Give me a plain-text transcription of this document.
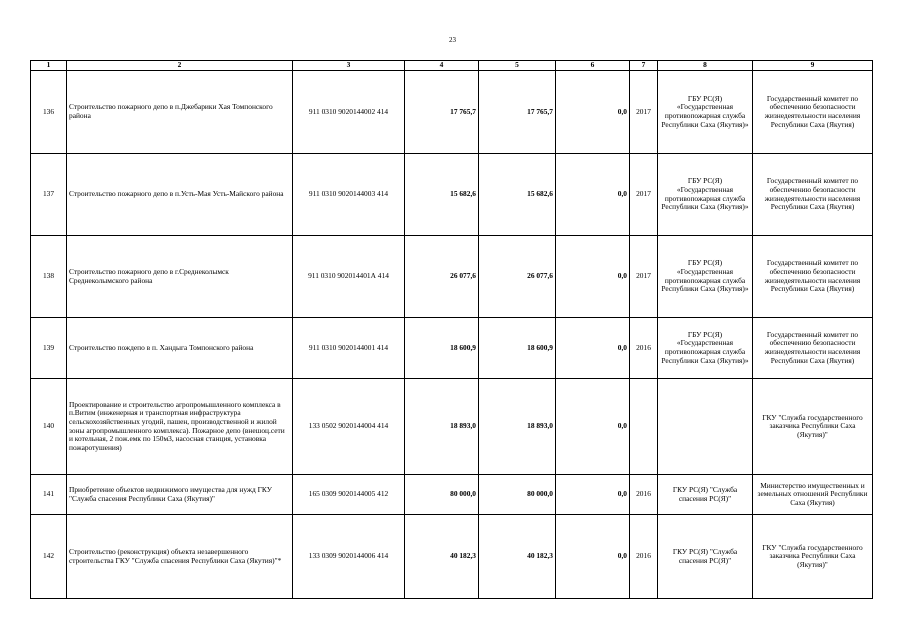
23
1	2	3	4	5	6	7	8	9
136	Строительство пожарного депо в п.Джебарики Хая Томпонского района	911 0310 9020144002 414	17 765,7	17 765,7	0,0	2017	ГБУ РС(Я) «Государственная противопожарная служба Республики Саха (Якутия)»	Государственный комитет по обеспечению безопасности жизнедеятельности населения Республики Саха (Якутия)
137	Строительство пожарного депо в п.Усть-Мая Усть-Майского района	911 0310 9020144003 414	15 682,6	15 682,6	0,0	2017	ГБУ РС(Я) «Государственная противопожарная служба Республики Саха (Якутия)»	Государственный комитет по обеспечению безопасности жизнедеятельности населения Республики Саха (Якутия)
138	Строительство пожарного депо в г.Среднеколымск Среднеколымского района	911 0310 902014401А 414	26 077,6	26 077,6	0,0	2017	ГБУ РС(Я) «Государственная противопожарная служба Республики Саха (Якутия)»	Государственный комитет по обеспечению безопасности жизнедеятельности населения Республики Саха (Якутия)
139	Строительство пождепо в п. Хандыга Томпонского района	911 0310 9020144001 414	18 600,9	18 600,9	0,0	2016	ГБУ РС(Я) «Государственная противопожарная служба Республики Саха (Якутия)»	Государственный комитет по обеспечению безопасности жизнедеятельности населения Республики Саха (Якутия)
140	Проектирование и строительство агропромышленного комплекса в п.Витим (инженерная и транспортная инфраструктура сельскохозяйственных угодий, пашен, производственной и жилой зоны агропромышленного комплекса). Пожарное депо (внешоц.сети и котельная, 2 пож.емк по 150м3, насосная станция, установка пожаротушения)	133 0502 9020144004 414	18 893,0	18 893,0	0,0			ГКУ "Служба государственного заказчика Республики Саха (Якутия)"
141	Приобретение объектов недвижимого имущества для нужд ГКУ "Служба спасения Республики Саха (Якутия)"	165 0309 9020144005 412	80 000,0	80 000,0	0,0	2016	ГКУ РС(Я) "Служба спасения РС(Я)"	Министерство имущественных и земельных отношений Республики Саха (Якутия)
142	Строительство (реконструкция) объекта незавершенного строительства ГКУ "Служба спасения Республики Саха (Якутия)"*	133 0309 9020144006 414	40 182,3	40 182,3	0,0	2016	ГКУ РС(Я) "Служба спасения РС(Я)"	ГКУ "Служба государственного заказчика Республики Саха (Якутия)"
